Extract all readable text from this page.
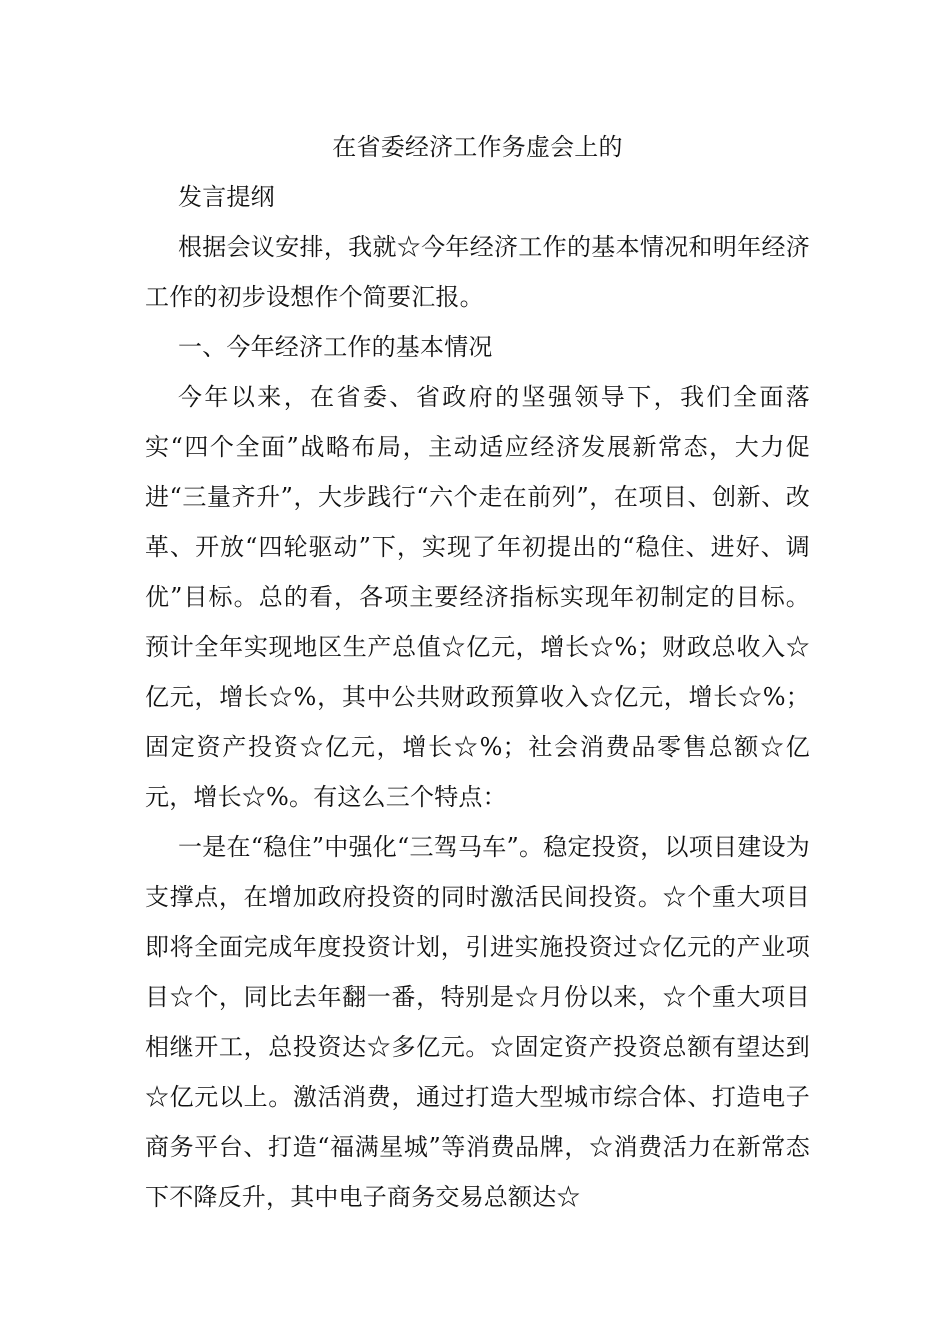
在省委经济工作务虚会上的

发言提纲

根据会议安排，我就☆今年经济工作的基本情况和明年经济工作的初步设想作个简要汇报。

一、今年经济工作的基本情况

今年以来，在省委、省政府的坚强领导下，我们全面落实“四个全面”战略布局，主动适应经济发展新常态，大力促进“三量齐升”，大步践行“六个走在前列”，在项目、创新、改革、开放“四轮驱动”下，实现了年初提出的“稳住、进好、调优”目标。总的看，各项主要经济指标实现年初制定的目标。预计全年实现地区生产总值☆亿元，增长☆%；财政总收入☆亿元，增长☆%，其中公共财政预算收入☆亿元，增长☆%；固定资产投资☆亿元，增长☆%；社会消费品零售总额☆亿元，增长☆%。有这么三个特点：

一是在“稳住”中强化“三驾马车”。稳定投资，以项目建设为支撑点，在增加政府投资的同时激活民间投资。☆个重大项目即将全面完成年度投资计划，引进实施投资过☆亿元的产业项目☆个，同比去年翻一番，特别是☆月份以来，☆个重大项目相继开工，总投资达☆多亿元。☆固定资产投资总额有望达到☆亿元以上。激活消费，通过打造大型城市综合体、打造电子商务平台、打造“福满星城”等消费品牌，☆消费活力在新常态下不降反升，其中电子商务交易总额达☆
